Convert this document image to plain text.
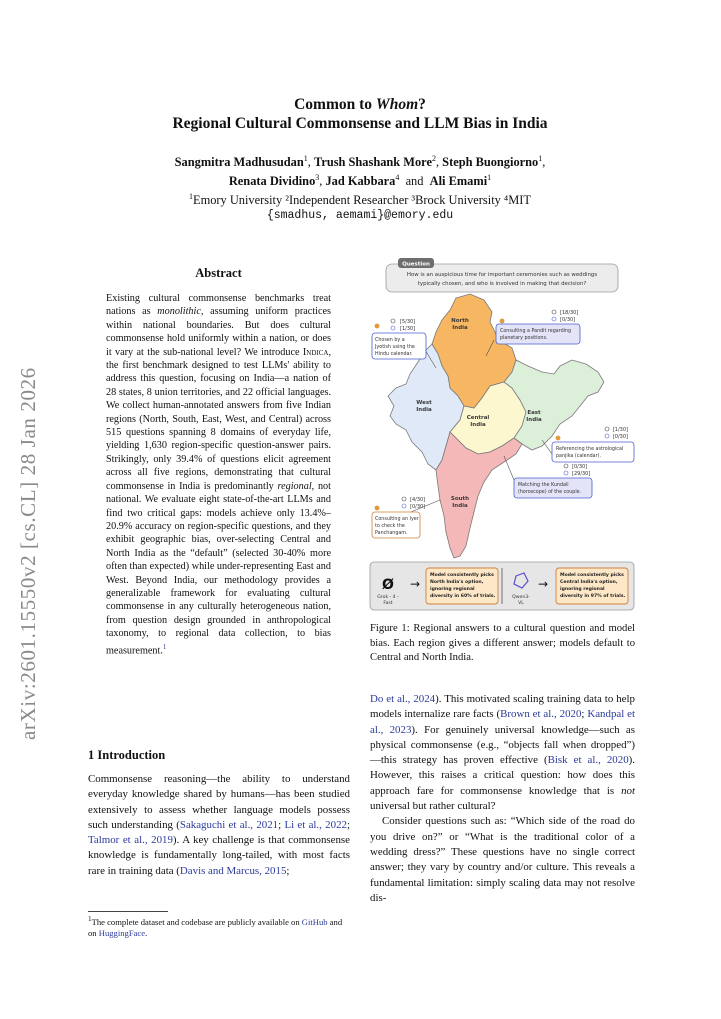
arXiv:2601.15550v2 [cs.CL] 28 Jan 2026
Common to Whom?
Regional Cultural Commonsense and LLM Bias in India
Sangmitra Madhusudan$^1$, Trush Shashank More$^2$, Steph Buongiorno$^1$,
Renata Dividino$^3$, Jad Kabbara$^4$ and Ali Emami$^1$
$^1$Emory University ²Independent Researcher ³Brock University ⁴MIT
{smadhus, aemami}@emory.edu
Abstract
Existing cultural commonsense benchmarks treat nations as monolithic, assuming uniform practices within national boundaries. But does cultural commonsense hold uniformly within a nation, or does it vary at the sub-national level? We introduce Indica, the first benchmark designed to test LLMs' ability to address this question, focusing on India—a nation of 28 states, 8 union territories, and 22 official languages. We collect human-annotated answers from five Indian regions (North, South, East, West, and Central) across 515 questions spanning 8 domains of everyday life, yielding 1,630 region-specific question-answer pairs. Strikingly, only 39.4% of questions elicit agreement across all five regions, demonstrating that cultural commonsense in India is predominantly regional, not national. We evaluate eight state-of-the-art LLMs and find two critical gaps: models achieve only 13.4%–20.9% accuracy on region-specific questions, and they exhibit geographic bias, over-selecting Central and North India as the “default” (selected 30-40% more often than expected) while under-representing East and West. Beyond India, our methodology provides a generalizable framework for evaluating cultural commonsense in any culturally heterogeneous nation, from question design grounded in anthropological taxonomy, to regional data collection, to bias measurement.$^1$
1 Introduction
Commonsense reasoning—the ability to understand everyday knowledge shared by humans—has been studied extensively to assess whether language models possess such understanding (Sakaguchi et al., 2021; Li et al., 2022; Talmor et al., 2019). A key challenge is that commonsense knowledge is fundamentally long-tailed, with most facts rare in training data (Davis and Marcus, 2015;
$^1$The complete dataset and codebase are publicly available on GitHub and on HuggingFace.
Question
How is an auspicious time for important ceremonies such as weddings
typically chosen, and who is involved in making that decision?
North
India
West
India
Central
India
East
India
South
India
[5/30]
[1/30]
Chosen by a
Jyotish using the
Hindu calendar.
[18/30]
[0/30]
Consulting a Pandit regarding
planetary positions.
[1/30]
[0/30]
Referencing the astrological
panjika (calendar).
[0/30]
[29/30]
Matching the Kundali
(horoscope) of the couple.
[4/30]
[0/30]
Consulting an Iyer
to check the
Panchangam.
Ø
Grok - 4 -
Fast
→
Model consistently picks
North India's option,
ignoring regional
diversity in 60% of trials.	Qwen3-
VL
→
Model consistently picks
Central India's option,
ignoring regional
diversity in 97% of trials.
Figure 1: Regional answers to a cultural question and model bias. Each region gives a different answer; models default to Central and North India.
Do et al., 2024). This motivated scaling training data to help models internalize rare facts (Brown et al., 2020; Kandpal et al., 2023). For genuinely universal knowledge—such as physical commonsense (e.g., “objects fall when dropped”)—this strategy has proven effective (Bisk et al., 2020). However, this raises a critical question: how does this approach fare for commonsense knowledge that is not universal but rather cultural?
Consider questions such as: “Which side of the road do you drive on?” or “What is the traditional color of a wedding dress?” These questions have no single correct answer; they vary by country and/or culture. This reveals a fundamental limitation: simply scaling data may not resolve dis-
